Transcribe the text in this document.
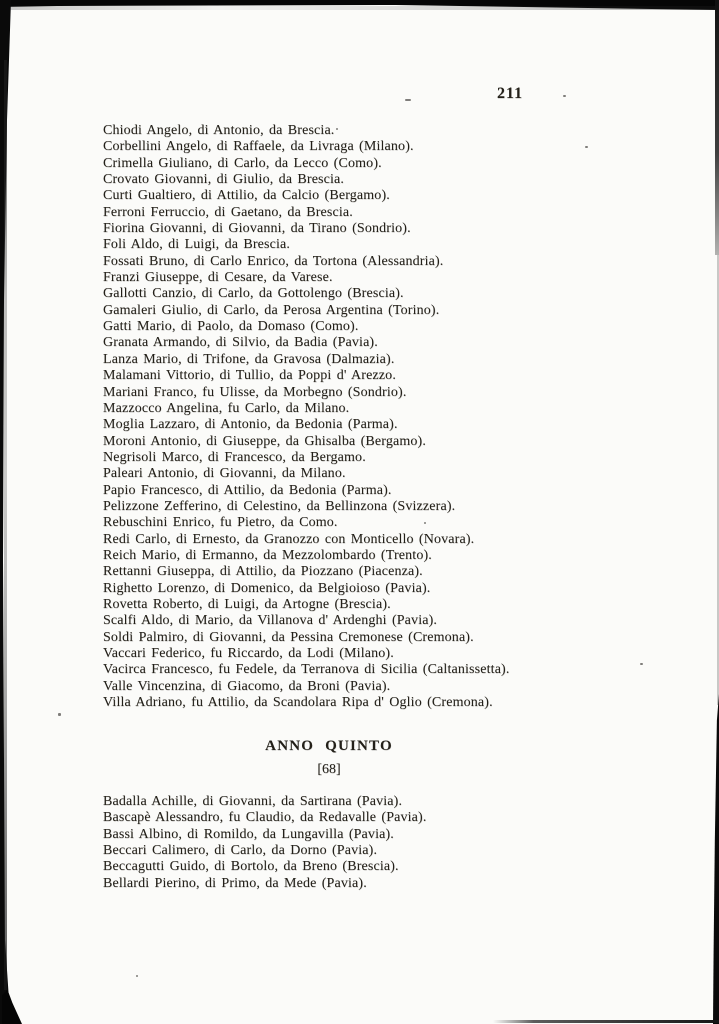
211
Chiodi Angelo, di Antonio, da Brescia.
Corbellini Angelo, di Raffaele, da Livraga (Milano).
Crimella Giuliano, di Carlo, da Lecco (Como).
Crovato Giovanni, di Giulio, da Brescia.
Curti Gualtiero, di Attilio, da Calcio (Bergamo).
Ferroni Ferruccio, di Gaetano, da Brescia.
Fiorina Giovanni, di Giovanni, da Tirano (Sondrio).
Foli Aldo, di Luigi, da Brescia.
Fossati Bruno, di Carlo Enrico, da Tortona (Alessandria).
Franzi Giuseppe, di Cesare, da Varese.
Gallotti Canzio, di Carlo, da Gottolengo (Brescia).
Gamaleri Giulio, di Carlo, da Perosa Argentina (Torino).
Gatti Mario, di Paolo, da Domaso (Como).
Granata Armando, di Silvio, da Badia (Pavia).
Lanza Mario, di Trifone, da Gravosa (Dalmazia).
Malamani Vittorio, di Tullio, da Poppi d' Arezzo.
Mariani Franco, fu Ulisse, da Morbegno (Sondrio).
Mazzocco Angelina, fu Carlo, da Milano.
Moglia Lazzaro, di Antonio, da Bedonia (Parma).
Moroni Antonio, di Giuseppe, da Ghisalba (Bergamo).
Negrisoli Marco, di Francesco, da Bergamo.
Paleari Antonio, di Giovanni, da Milano.
Papio Francesco, di Attilio, da Bedonia (Parma).
Pelizzone Zefferino, di Celestino, da Bellinzona (Svizzera).
Rebuschini Enrico, fu Pietro, da Como.
Redi Carlo, di Ernesto, da Granozzo con Monticello (Novara).
Reich Mario, di Ermanno, da Mezzolombardo (Trento).
Rettanni Giuseppa, di Attilio, da Piozzano (Piacenza).
Righetto Lorenzo, di Domenico, da Belgioioso (Pavia).
Rovetta Roberto, di Luigi, da Artogne (Brescia).
Scalfi Aldo, di Mario, da Villanova d' Ardenghi (Pavia).
Soldi Palmiro, di Giovanni, da Pessina Cremonese (Cremona).
Vaccari Federico, fu Riccardo, da Lodi (Milano).
Vacirca Francesco, fu Fedele, da Terranova di Sicilia (Caltanissetta).
Valle Vincenzina, di Giacomo, da Broni (Pavia).
Villa Adriano, fu Attilio, da Scandolara Ripa d' Oglio (Cremona).
ANNO QUINTO
[68]
Badalla Achille, di Giovanni, da Sartirana (Pavia).
Bascapè Alessandro, fu Claudio, da Redavalle (Pavia).
Bassi Albino, di Romildo, da Lungavilla (Pavia).
Beccari Calimero, di Carlo, da Dorno (Pavia).
Beccagutti Guido, di Bortolo, da Breno (Brescia).
Bellardi Pierino, di Primo, da Mede (Pavia).
